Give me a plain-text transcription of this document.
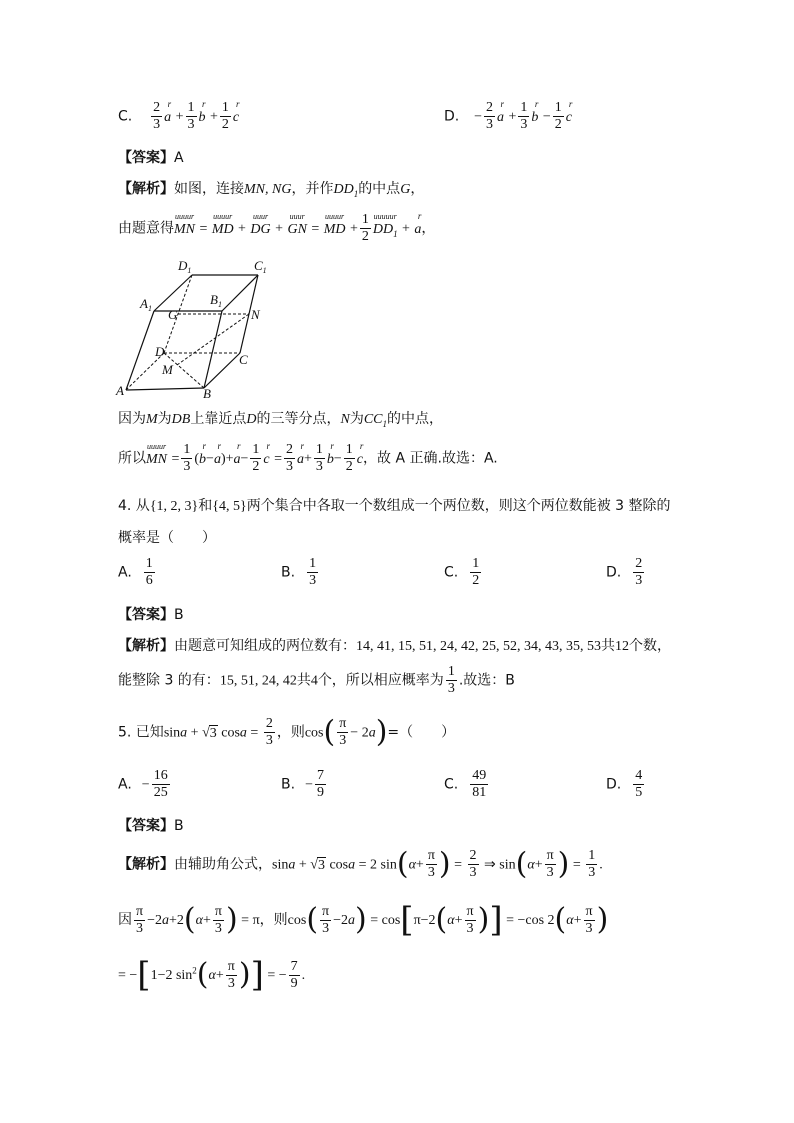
C. $\frac{2}{3}$ a
r
+ $\frac{1}{3}$ b
r
+ $\frac{1}{2}$ c
r
D. − $\frac{2}{3}$ a
r
+ $\frac{1}{3}$ b
r
− $\frac{1}{2}$ c
r
【答案】A
【解析】如图，连接MN, NG，并作$DD_1$的中点G，
由题意得
uuuur
MN =
uuuur
MD +
uuur
DG +
uuur
GN =
uuuur
MD + $\frac{1}{2}$ uuuuur
$DD_1 + a$
r
，
$D_1$	$C_1$
$A_1$
$B_1$
G	N
D
C
M
A	B
因为M为DB上靠近点D的三等分点，N为$CC_1$的中点，
所以
uuuur
MN = $\frac{1}{3} (b$
r
−a
r
)+a
r
− $\frac{1}{2}$ c
r
= $\frac{2}{3}$ a
r
+ $\frac{1}{3}$ b
r
− $\frac{1}{2}$ c
r
，故 A 正确.故选：A.
4. 从{1, 2, 3}和{4, 5}两个集合中各取一个数组成一个两位数，则这个两位数能被 3 整除的
概率是（　　）
A. $\frac{1}{6}$	B. $\frac{1}{3}$	C. $\frac{1}{2}$	D. $\frac{2}{3}$
【答案】B
【解析】由题意可知组成的两位数有：14, 41, 15, 51, 24, 42, 25, 52, 34, 43, 35, 53共12个数，
能整除 3 的有：15, 51, 24, 42共4个，所以相应概率为 $\frac{1}{3}$ .故选：B
5. 已知sina + √3 $\cos a = \frac{2}{3}$ ，则$\cos( \frac{\pi}{3} - 2a)=$（　　）
A. − $\frac{16}{25}$	B. − $\frac{7}{9}$	C. $\frac{49}{81}$	D. $\frac{4}{5}$
【答案】B
【解析】由辅助角公式，sina + √3 cosa = 2 $\sin(\alpha+ \frac{\pi}{3}$ ) = $\frac{2}{3}$ ⇒ $\sin(\alpha+ \frac{\pi}{3}$ ) = $\frac{1}{3}$ .
因 $\frac{\pi}{3} -2a+2(\alpha+ \frac{\pi}{3}$ ) = π，则$\cos( \frac{\pi}{3} -2a) = \cos[\pi-2(\alpha+ \frac{\pi}{3}$ )] = −cos $2(\alpha+ \frac{\pi}{3}$ )
= −[1−2 $\sin^2(\alpha+ \frac{\pi}{3}$ )] = − $\frac{7}{9}$ .
